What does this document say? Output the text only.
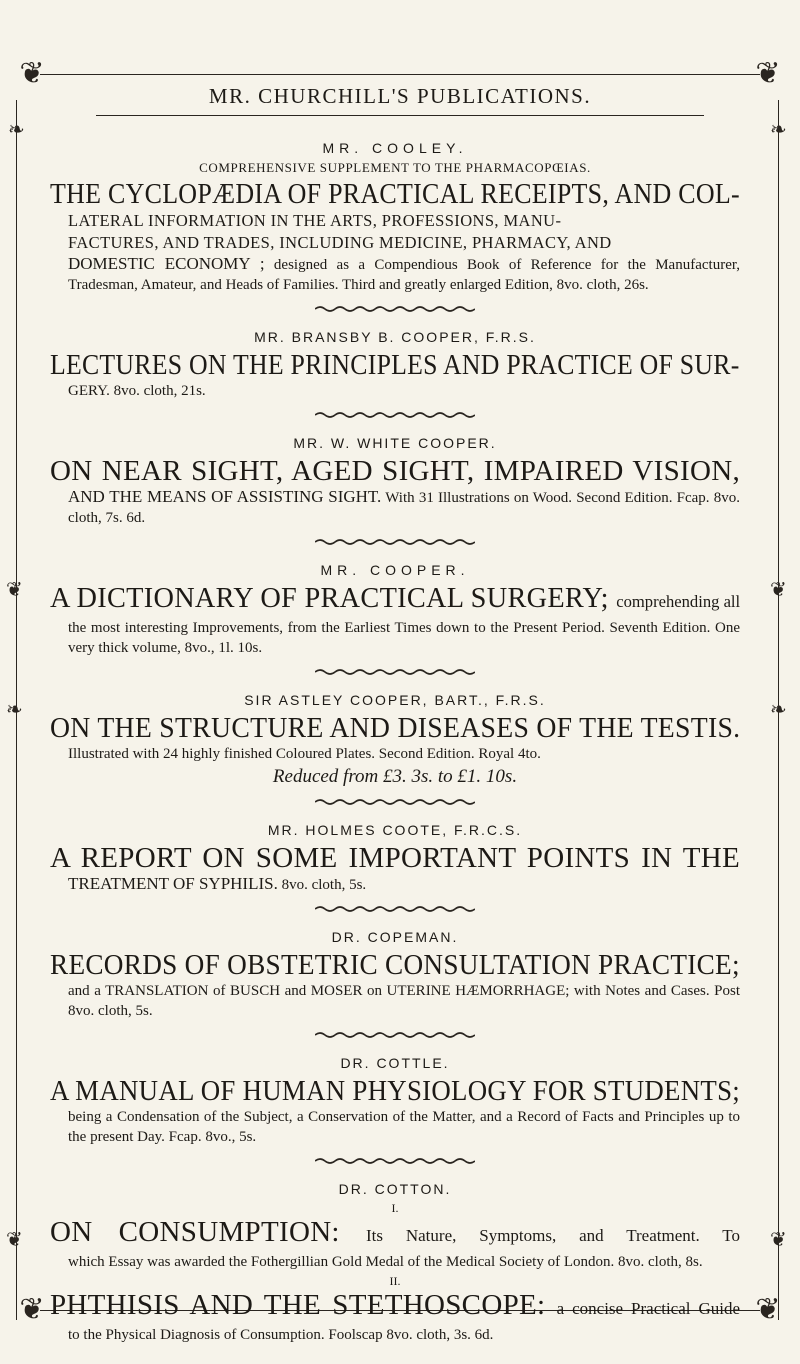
❦	❦
❦	❦
❧	❧
❦	❦
❧	❧
❦	❦
MR. CHURCHILL'S PUBLICATIONS.

MR. COOLEY.

COMPREHENSIVE SUPPLEMENT TO THE PHARMACOPŒIAS.

THE CYCLOPÆDIA OF PRACTICAL RECEIPTS, AND COL-

LATERAL INFORMATION IN THE ARTS, PROFESSIONS, MANU-

FACTURES, AND TRADES, INCLUDING MEDICINE, PHARMACY, AND

DOMESTIC ECONOMY ; designed as a Compendious Book of Reference for the Manufacturer, Tradesman, Amateur, and Heads of Families. Third and greatly enlarged Edition, 8vo. cloth, 26s.

MR. BRANSBY B. COOPER, F.R.S.

LECTURES ON THE PRINCIPLES AND PRACTICE OF SUR-

GERY. 8vo. cloth, 21s.

MR. W. WHITE COOPER.

ON NEAR SIGHT, AGED SIGHT, IMPAIRED VISION,

AND THE MEANS OF ASSISTING SIGHT. With 31 Illustrations on Wood. Second Edition. Fcap. 8vo. cloth, 7s. 6d.

MR. COOPER.

A DICTIONARY OF PRACTICAL SURGERY; comprehending all

the most interesting Improvements, from the Earliest Times down to the Present Period. Seventh Edition. One very thick volume, 8vo., 1l. 10s.

SIR ASTLEY COOPER, BART., F.R.S.

ON THE STRUCTURE AND DISEASES OF THE TESTIS.

Illustrated with 24 highly finished Coloured Plates. Second Edition. Royal 4to.

Reduced from £3. 3s. to £1. 10s.

MR. HOLMES COOTE, F.R.C.S.

A REPORT ON SOME IMPORTANT POINTS IN THE

TREATMENT OF SYPHILIS. 8vo. cloth, 5s.

DR. COPEMAN.

RECORDS OF OBSTETRIC CONSULTATION PRACTICE;

and a TRANSLATION of BUSCH and MOSER on UTERINE HÆMORRHAGE; with Notes and Cases. Post 8vo. cloth, 5s.

DR. COTTLE.

A MANUAL OF HUMAN PHYSIOLOGY FOR STUDENTS;

being a Condensation of the Subject, a Conservation of the Matter, and a Record of Facts and Principles up to the present Day. Fcap. 8vo., 5s.

DR. COTTON.

I.

ON CONSUMPTION: Its Nature, Symptoms, and Treatment. To

which Essay was awarded the Fothergillian Gold Medal of the Medical Society of London. 8vo. cloth, 8s.

II.

PHTHISIS AND THE STETHOSCOPE: a concise Practical Guide

to the Physical Diagnosis of Consumption. Foolscap 8vo. cloth, 3s. 6d.
